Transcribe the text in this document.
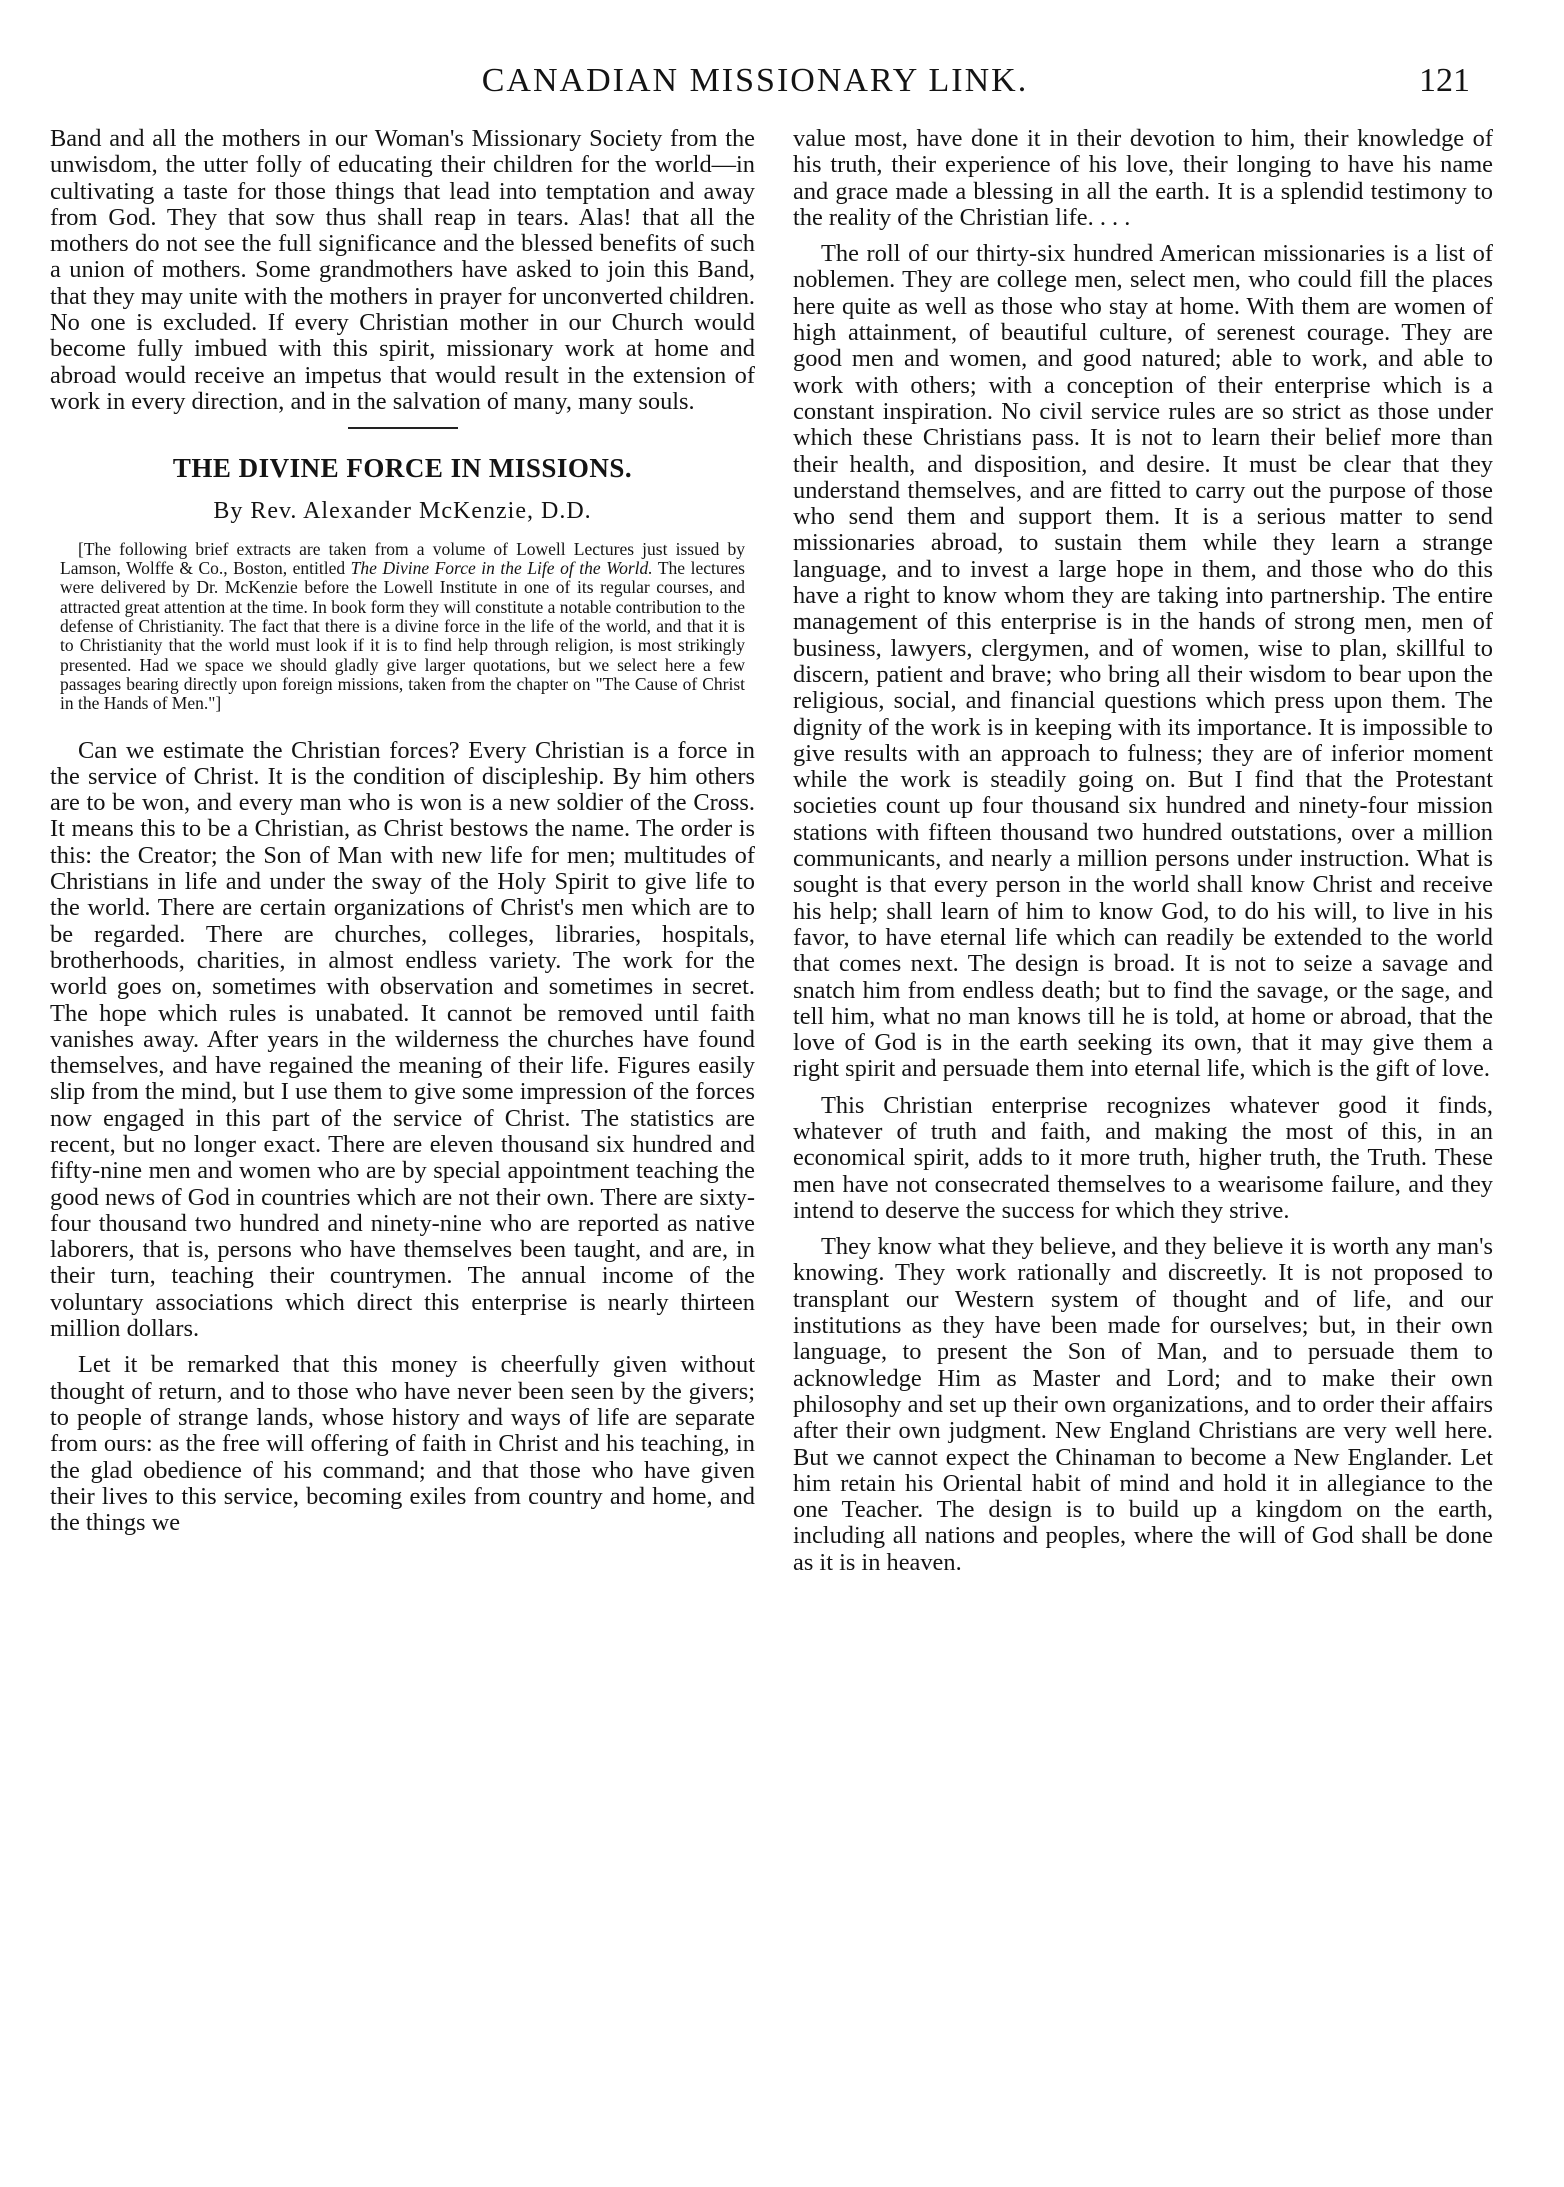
CANADIAN MISSIONARY LINK.	121

Band and all the mothers in our Woman's Missionary Society from the unwisdom, the utter folly of educating their children for the world—in cultivating a taste for those things that lead into temptation and away from God. They that sow thus shall reap in tears. Alas! that all the mothers do not see the full significance and the blessed benefits of such a union of mothers. Some grandmothers have asked to join this Band, that they may unite with the mothers in prayer for unconverted children. No one is excluded. If every Christian mother in our Church would become fully imbued with this spirit, missionary work at home and abroad would receive an impetus that would result in the extension of work in every direction, and in the salvation of many, many souls.

THE DIVINE FORCE IN MISSIONS.
By Rev. Alexander McKenzie, D.D.
[The following brief extracts are taken from a volume of Lowell Lectures just issued by Lamson, Wolffe & Co., Boston, entitled The Divine Force in the Life of the World. The lectures were delivered by Dr. McKenzie before the Lowell Institute in one of its regular courses, and attracted great attention at the time. In book form they will constitute a notable contribution to the defense of Christianity. The fact that there is a divine force in the life of the world, and that it is to Christianity that the world must look if it is to find help through religion, is most strikingly presented. Had we space we should gladly give larger quotations, but we select here a few passages bearing directly upon foreign missions, taken from the chapter on "The Cause of Christ in the Hands of Men."]

Can we estimate the Christian forces? Every Christian is a force in the service of Christ. It is the condition of discipleship. By him others are to be won, and every man who is won is a new soldier of the Cross. It means this to be a Christian, as Christ bestows the name. The order is this: the Creator; the Son of Man with new life for men; multitudes of Christians in life and under the sway of the Holy Spirit to give life to the world. There are certain organizations of Christ's men which are to be regarded. There are churches, colleges, libraries, hospitals, brotherhoods, charities, in almost endless variety. The work for the world goes on, sometimes with observation and sometimes in secret. The hope which rules is unabated. It cannot be removed until faith vanishes away. After years in the wilderness the churches have found themselves, and have regained the meaning of their life. Figures easily slip from the mind, but I use them to give some impression of the forces now engaged in this part of the service of Christ. The statistics are recent, but no longer exact. There are eleven thousand six hundred and fifty-nine men and women who are by special appointment teaching the good news of God in countries which are not their own. There are sixty-four thousand two hundred and ninety-nine who are reported as native laborers, that is, persons who have themselves been taught, and are, in their turn, teaching their countrymen. The annual income of the voluntary associations which direct this enterprise is nearly thirteen million dollars.

Let it be remarked that this money is cheerfully given without thought of return, and to those who have never been seen by the givers; to people of strange lands, whose history and ways of life are separate from ours: as the free will offering of faith in Christ and his teaching, in the glad obedience of his command; and that those who have given their lives to this service, becoming exiles from country and home, and the things we

value most, have done it in their devotion to him, their knowledge of his truth, their experience of his love, their longing to have his name and grace made a blessing in all the earth. It is a splendid testimony to the reality of the Christian life. . . .

The roll of our thirty-six hundred American missionaries is a list of noblemen. They are college men, select men, who could fill the places here quite as well as those who stay at home. With them are women of high attainment, of beautiful culture, of serenest courage. They are good men and women, and good natured; able to work, and able to work with others; with a conception of their enterprise which is a constant inspiration. No civil service rules are so strict as those under which these Christians pass. It is not to learn their belief more than their health, and disposition, and desire. It must be clear that they understand themselves, and are fitted to carry out the purpose of those who send them and support them. It is a serious matter to send missionaries abroad, to sustain them while they learn a strange language, and to invest a large hope in them, and those who do this have a right to know whom they are taking into partnership. The entire management of this enterprise is in the hands of strong men, men of business, lawyers, clergymen, and of women, wise to plan, skillful to discern, patient and brave; who bring all their wisdom to bear upon the religious, social, and financial questions which press upon them. The dignity of the work is in keeping with its importance. It is impossible to give results with an approach to fulness; they are of inferior moment while the work is steadily going on. But I find that the Protestant societies count up four thousand six hundred and ninety-four mission stations with fifteen thousand two hundred outstations, over a million communicants, and nearly a million persons under instruction. What is sought is that every person in the world shall know Christ and receive his help; shall learn of him to know God, to do his will, to live in his favor, to have eternal life which can readily be extended to the world that comes next. The design is broad. It is not to seize a savage and snatch him from endless death; but to find the savage, or the sage, and tell him, what no man knows till he is told, at home or abroad, that the love of God is in the earth seeking its own, that it may give them a right spirit and persuade them into eternal life, which is the gift of love.

This Christian enterprise recognizes whatever good it finds, whatever of truth and faith, and making the most of this, in an economical spirit, adds to it more truth, higher truth, the Truth. These men have not consecrated themselves to a wearisome failure, and they intend to deserve the success for which they strive.

They know what they believe, and they believe it is worth any man's knowing. They work rationally and discreetly. It is not proposed to transplant our Western system of thought and of life, and our institutions as they have been made for ourselves; but, in their own language, to present the Son of Man, and to persuade them to acknowledge Him as Master and Lord; and to make their own philosophy and set up their own organizations, and to order their affairs after their own judgment. New England Christians are very well here. But we cannot expect the Chinaman to become a New Englander. Let him retain his Oriental habit of mind and hold it in allegiance to the one Teacher. The design is to build up a kingdom on the earth, including all nations and peoples, where the will of God shall be done as it is in heaven.
